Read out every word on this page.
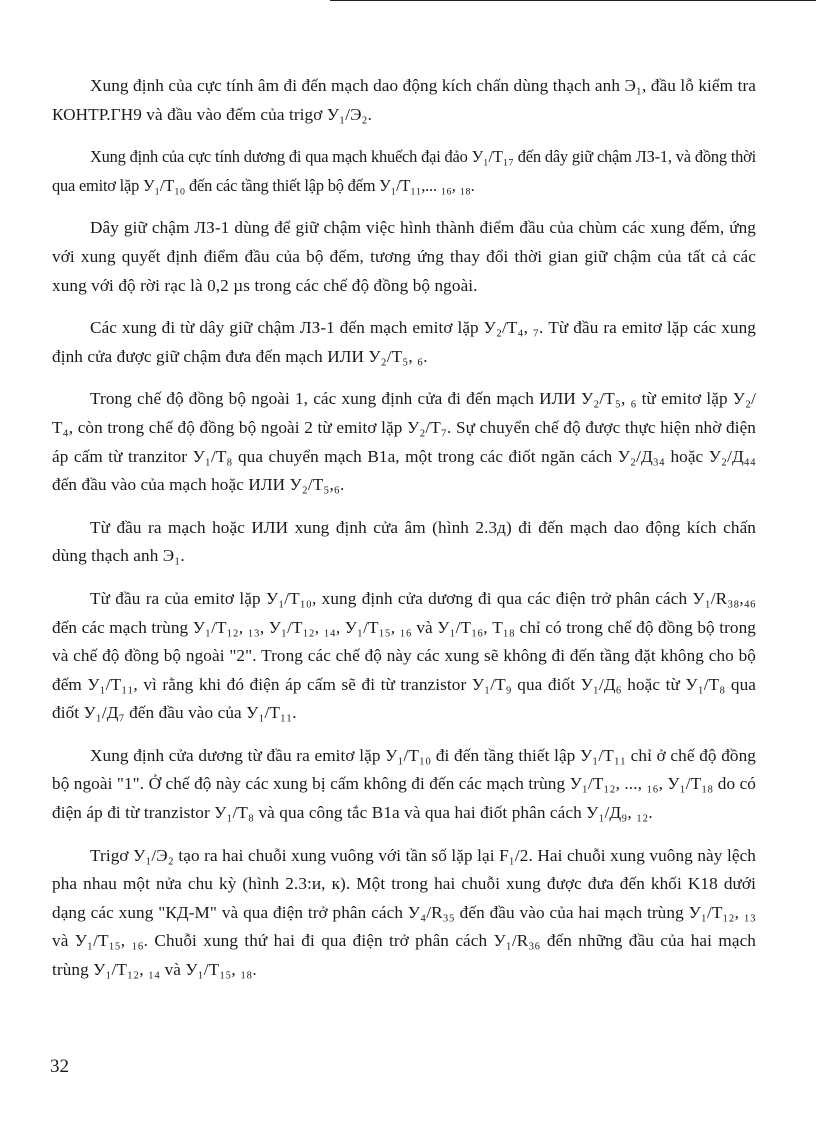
Xung định của cực tính âm đi đến mạch dao động kích chấn dùng thạch anh Э₁, đầu lỗ kiểm tra КОНТР.ГН9 và đầu vào đếm của trigơ У₁/Э₂.

Xung định của cực tính dương đi qua mạch khuếch đại đảo У₁/Т₁₇ đến dây giữ chậm ЛЗ-1, và đồng thời qua emitơ lặp У₁/Т₁₀ đến các tầng thiết lập bộ đếm У₁/Т₁₁,... ₁₆, ₁₈.

Dây giữ chậm ЛЗ-1 dùng để giữ chậm việc hình thành điểm đầu của chùm các xung đếm, ứng với xung quyết định điểm đầu của bộ đếm, tương ứng thay đổi thời gian giữ chậm của tất cả các xung với độ rời rạc là 0,2 µs trong các chế độ đồng bộ ngoài.

Các xung đi từ dây giữ chậm ЛЗ-1 đến mạch emitơ lặp У₂/Т₄, ₇. Từ đầu ra emitơ lặp các xung định cửa được giữ chậm đưa đến mạch ИЛИ У₂/Т₅, ₆.

Trong chế độ đồng bộ ngoài 1, các xung định cửa đi đến mạch ИЛИ У₂/Т₅, ₆ từ emitơ lặp У₂/Т₄, còn trong chế độ đồng bộ ngoài 2 từ emitơ lặp У₂/Т₇. Sự chuyển chế độ được thực hiện nhờ điện áp cấm từ tranzitor У₁/Т₈ qua chuyển mạch B1a, một trong các điốt ngăn cách У₂/Д₃₄ hoặc У₂/Д₄₄ đến đầu vào của mạch hoặc ИЛИ У₂/Т₅,₆.

Từ đầu ra mạch hoặc ИЛИ xung định cửa âm (hình 2.3д) đi đến mạch dao động kích chấn dùng thạch anh Э₁.

Từ đầu ra của emitơ lặp У₁/Т₁₀, xung định cửa dương đi qua các điện trở phân cách У₁/R₃₈,₄₆ đến các mạch trùng У₁/Т₁₂, ₁₃, У₁/Т₁₂, ₁₄, У₁/Т₁₅, ₁₆ và У₁/Т₁₆, Т₁₈ chỉ có trong chế độ đồng bộ trong và chế độ đồng bộ ngoài "2". Trong các chế độ này các xung sẽ không đi đến tầng đặt không cho bộ đếm У₁/Т₁₁, vì rằng khi đó điện áp cấm sẽ đi từ tranzistor У₁/Т₉ qua điốt У₁/Д₆ hoặc từ У₁/Т₈ qua điốt У₁/Д₇ đến đầu vào của У₁/Т₁₁.

Xung định cửa dương từ đầu ra emitơ lặp У₁/Т₁₀ đi đến tầng thiết lập У₁/Т₁₁ chỉ ở chế độ đồng bộ ngoài "1". Ở chế độ này các xung bị cấm không đi đến các mạch trùng У₁/Т₁₂, ..., ₁₆, У₁/Т₁₈ do có điện áp đi từ tranzistor У₁/Т₈ và qua công tắc B1a và qua hai điốt phân cách У₁/Д₉, ₁₂.

Trigơ У₁/Э₂ tạo ra hai chuỗi xung vuông với tần số lặp lại F₁/2. Hai chuỗi xung vuông này lệch pha nhau một nửa chu kỳ (hình 2.3:и, к). Một trong hai chuỗi xung được đưa đến khối K18 dưới dạng các xung "КД-М" và qua điện trở phân cách У₄/R₃₅ đến đầu vào của hai mạch trùng У₁/Т₁₂, ₁₃ và У₁/Т₁₅, ₁₆. Chuỗi xung thứ hai đi qua điện trở phân cách У₁/R₃₆ đến những đầu của hai mạch trùng У₁/Т₁₂, ₁₄ và У₁/Т₁₅, ₁₈.

32
